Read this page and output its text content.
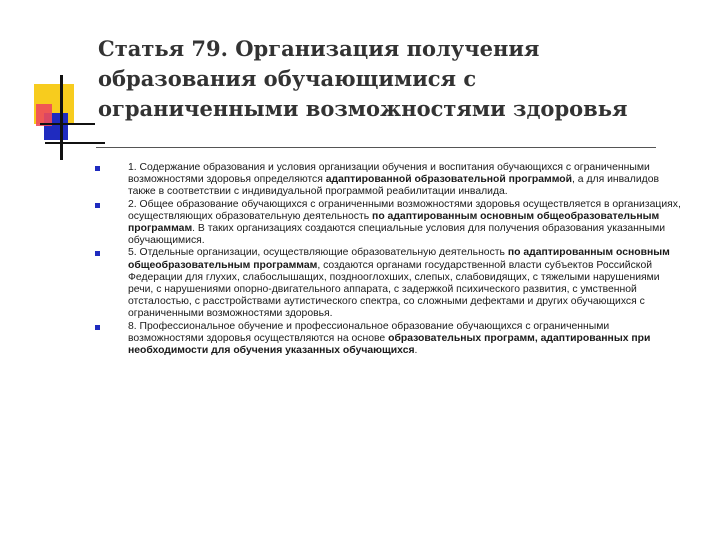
Статья 79. Организация получения образования обучающимися с ограниченными возможностями здоровья
1. Содержание образования и условия организации обучения и воспитания обучающихся с ограниченными возможностями здоровья определяются адаптированной образовательной программой, а для инвалидов также в соответствии с индивидуальной программой реабилитации инвалида.
2. Общее образование обучающихся с ограниченными возможностями здоровья осуществляется в организациях, осуществляющих образовательную деятельность по адаптированным основным общеобразовательным программам. В таких организациях создаются специальные условия для получения образования указанными обучающимися.
5. Отдельные организации, осуществляющие образовательную деятельность по адаптированным основным общеобразовательным программам, создаются органами государственной власти субъектов Российской Федерации для глухих, слабослышащих, позднооглохших, слепых, слабовидящих, с тяжелыми нарушениями речи, с нарушениями опорно-двигательного аппарата, с задержкой психического развития, с умственной отсталостью, с расстройствами аутистического спектра, со сложными дефектами и других обучающихся с ограниченными возможностями здоровья.
8. Профессиональное обучение и профессиональное образование обучающихся с ограниченными возможностями здоровья осуществляются на основе образовательных программ, адаптированных при необходимости для обучения указанных обучающихся.
